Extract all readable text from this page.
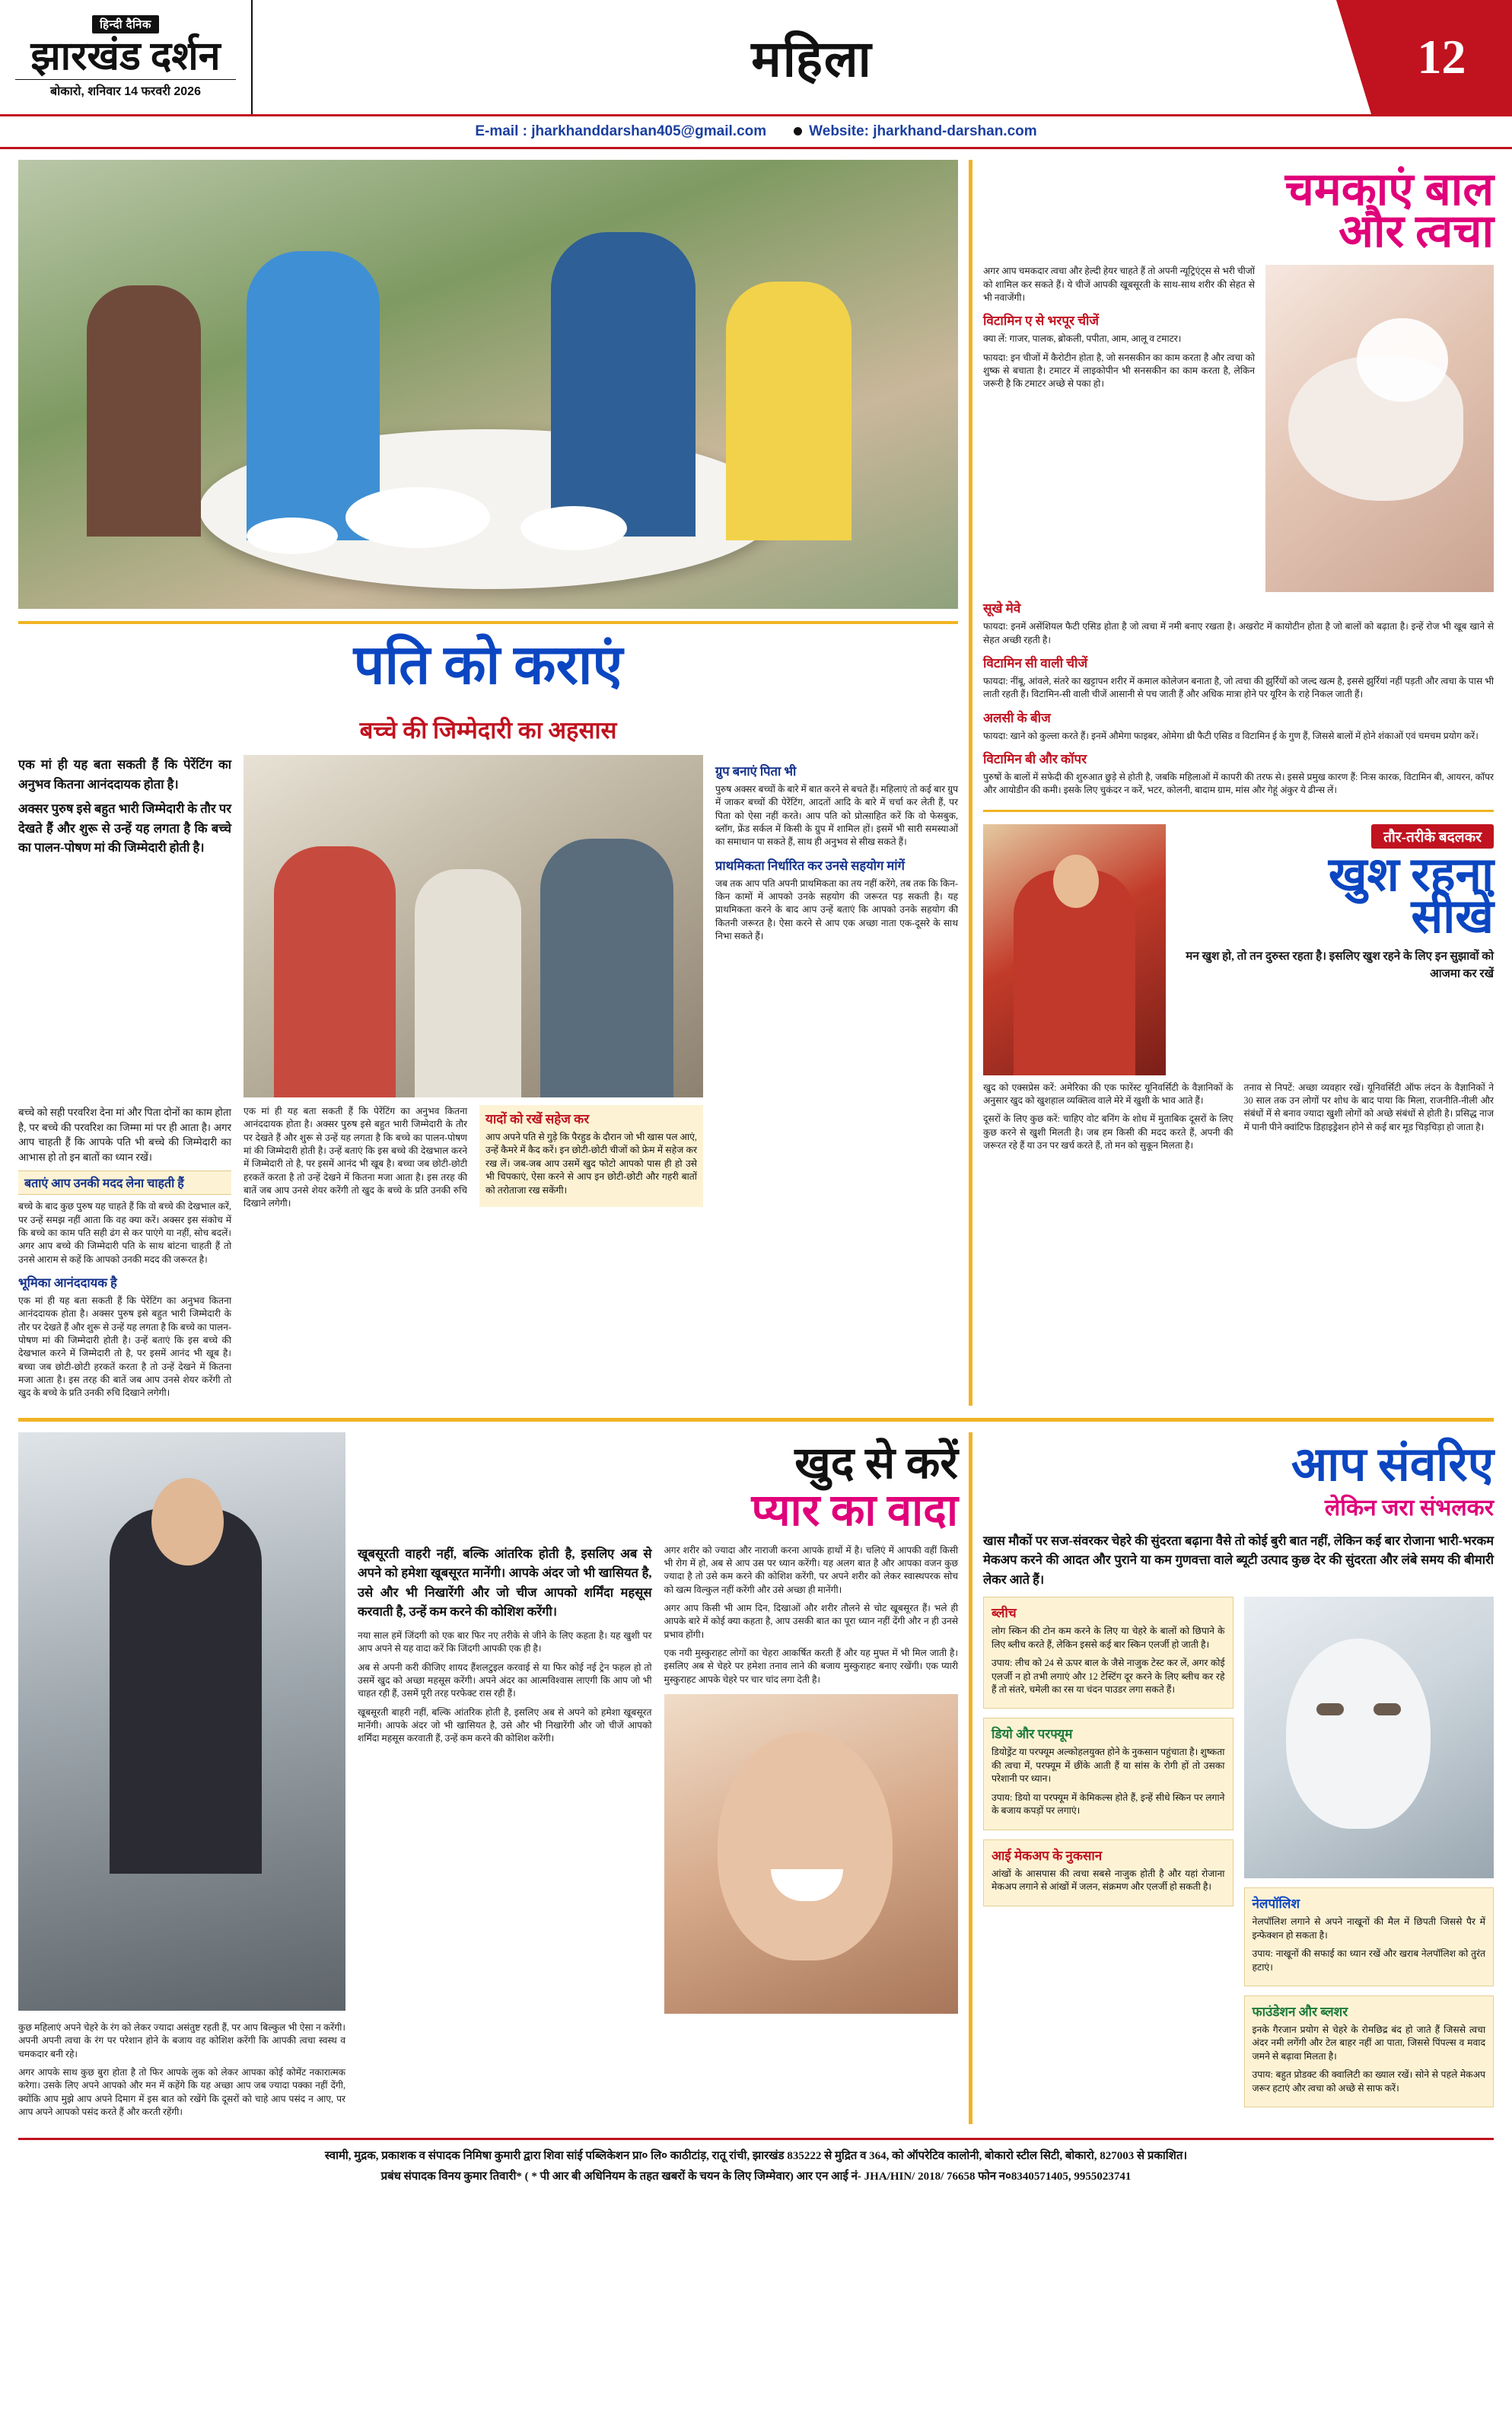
हिन्दी दैनिक
झारखंड दर्शन
बोकारो, शनिवार 14 फरवरी 2026
महिला	12
E-mail : jharkhanddarshan405@gmail.com	Website: jharkhand-darshan.com
पति को कराएं
बच्चे की जिम्मेदारी का अहसास

एक मां ही यह बता सकती हैं कि पेरेंटिंग का अनुभव कितना आनंददायक होता है।

अक्सर पुरुष इसे बहुत भारी जिम्मेदारी के तौर पर देखते हैं और शुरू से उन्हें यह लगता है कि बच्चे का पालन-पोषण मां की जिम्मेदारी होती है।

बच्चे को सही परवरिश देना मां और पिता दोनों का काम होता है, पर बच्चे की परवरिश का जिम्मा मां पर ही आता है। अगर आप चाहती हैं कि आपके पति भी बच्चे की जिम्मेदारी का आभास हो तो इन बातों का ध्यान रखें।

बताएं आप उनकी मदद लेना चाहती हैं

बच्चे के बाद कुछ पुरुष यह चाहते हैं कि वो बच्चे की देखभाल करें, पर उन्हें समझ नहीं आता कि वह क्या करें। अक्सर इस संकोच में कि बच्चे का काम पति सही ढंग से कर पाएंगे या नहीं, सोच बदलें। अगर आप बच्चे की जिम्मेदारी पति के साथ बांटना चाहती हैं तो उनसे आराम से कहें कि आपको उनकी मदद की जरूरत है।

भूमिका आनंददायक है

एक मां ही यह बता सकती हैं कि पेरेंटिंग का अनुभव कितना आनंददायक होता है। अक्सर पुरुष इसे बहुत भारी जिम्मेदारी के तौर पर देखते हैं और शुरू से उन्हें यह लगता है कि बच्चे का पालन-पोषण मां की जिम्मेदारी होती है। उन्हें बताएं कि इस बच्चे की देखभाल करने में जिम्मेदारी तो है, पर इसमें आनंद भी खूब है। बच्चा जब छोटी-छोटी हरकतें करता है तो उन्हें देखने में कितना मजा आता है। इस तरह की बातें जब आप उनसे शेयर करेंगी तो खुद के बच्चे के प्रति उनकी रुचि दिखाने लगेगी।

एक मां ही यह बता सकती हैं कि पेरेंटिंग का अनुभव कितना आनंददायक होता है। अक्सर पुरुष इसे बहुत भारी जिम्मेदारी के तौर पर देखते हैं और शुरू से उन्हें यह लगता है कि बच्चे का पालन-पोषण मां की जिम्मेदारी होती है। उन्हें बताएं कि इस बच्चे की देखभाल करने में जिम्मेदारी तो है, पर इसमें आनंद भी खूब है। बच्चा जब छोटी-छोटी हरकतें करता है तो उन्हें देखने में कितना मजा आता है। इस तरह की बातें जब आप उनसे शेयर करेंगी तो खुद के बच्चे के प्रति उनकी रुचि दिखाने लगेगी।

यादों को रखें सहेज कर

आप अपने पति से गुड़े कि पैरहुड के दौरान जो भी खास पल आएं, उन्हें कैमरे में कैद करें। इन छोटी-छोटी चीजों को फ्रेम में सहेज कर रख लें। जब-जब आप उसमें खुद फोटो आपको पास ही हो उसे भी चिपकाएं, ऐसा करने से आप इन छोटी-छोटी और गहरी बातों को तरोताजा रख सकेंगी।

ग्रुप बनाएं पिता भी

पुरुष अक्सर बच्चों के बारे में बात करने से बचते हैं। महिलाएं तो कई बार ग्रुप में जाकर बच्चों की पेरेंटिंग, आदतों आदि के बारे में चर्चा कर लेती हैं, पर पिता को ऐसा नहीं करते। आप पति को प्रोत्साहित करें कि वो फेसबुक, ब्लॉग, फ्रेंड सर्कल में किसी के ग्रुप में शामिल हों। इसमें भी सारी समस्याओं का समाधान पा सकते हैं, साथ ही अनुभव से सीख सकते हैं।

प्राथमिकता निर्धारित कर उनसे सहयोग मांगें

जब तक आप पति अपनी प्राथमिकता का तय नहीं करेंगे, तब तक कि किन-किन कामों में आपको उनके सहयोग की जरूरत पड़ सकती है। यह प्राथमिकता करने के बाद आप उन्हें बताएं कि आपको उनके सहयोग की कितनी जरूरत है। ऐसा करने से आप एक अच्छा नाता एक-दूसरे के साथ निभा सकते हैं।

चमकाएं बाल
और त्वचा

अगर आप चमकदार त्वचा और हेल्दी हेयर चाहते हैं तो अपनी न्यूट्रिएंट्स से भरी चीजों को शामिल कर सकते हैं। ये चीजें आपकी खूबसूरती के साथ-साथ शरीर की सेहत से भी नवाजेंगी।

विटामिन ए से भरपूर चीजें

क्या लें: गाजर, पालक, ब्रोकली, पपीता, आम, आलू व टमाटर।

फायदा: इन चीजों में कैरोटीन होता है, जो सनसकीन का काम करता है और त्वचा को शुष्क से बचाता है। टमाटर में लाइकोपीन भी सनसकीन का काम करता है, लेकिन जरूरी है कि टमाटर अच्छे से पका हो।

सूखे मेवे

फायदा: इनमें असेंशियल फैटी एसिड होता है जो त्वचा में नमी बनाए रखता है। अखरोट में कायोटीन होता है जो बालों को बढ़ाता है। इन्हें रोज भी खूब खाने से सेहत अच्छी रहती है।

विटामिन सी वाली चीजें

फायदा: नींबू, आंवले, संतरे का खट्टापन शरीर में कमाल कोलेजन बनाता है, जो त्वचा की झुर्रियों को जल्द खत्म है, इससे झुर्रियां नहीं पड़ती और त्वचा के पास भी लाती रहती हैं। विटामिन-सी वाली चीजें आसानी से पच जाती हैं और अधिक मात्रा होने पर यूरिन के राहे निकल जाती हैं।

अलसी के बीज

फायदा: खाने को कुल्ला करते हैं। इनमें औमेगा फाइबर, ओमेगा थ्री फैटी एसिड व विटामिन ई के गुण हैं, जिससे बालों में होने शंकाओं एवं चमचम प्रयोग करें।

विटामिन बी और कॉपर

पुरुषों के बालों में सफेदी की शुरुआत छुड़े से होती है, जबकि महिलाओं में कापरी की तरफ से। इससे प्रमुख कारण हैं: निःस कारक, विटामिन बी, आयरन, कॉपर और आयोडीन की कमी। इसके लिए चुकंदर न करें, भटर, कोलनी, बादाम ग्राम, मांस और गेहूं अंकुर ये ढीन्स लें।

तौर-तरीके बदलकर
खुश रहना
सीखें

मन खुश हो, तो तन दुरुस्त रहता है। इसलिए खुश रहने के लिए इन सुझावों को आजमा कर रखें

खुद को एक्सप्रेस करें: अमेरिका की एक फारेंस्ट यूनिवर्सिटी के वैज्ञानिकों के अनुसार खुद को खुशहाल व्यक्तित्व वाले मेरे में खुशी के भाव आते हैं।

दूसरों के लिए कुछ करें: चाहिए वोट बनिंग के शोध में मुताबिक दूसरों के लिए कुछ करने से खुशी मिलती है। जब हम किसी की मदद करते हैं, अपनी की जरूरत रहे हैं या उन पर खर्च करते हैं, तो मन को सुकून मिलता है।

तनाव से निपटें: अच्छा व्यवहार रखें। यूनिवर्सिटी ऑफ लंदन के वैज्ञानिकों ने 30 साल तक उन लोगों पर शोध के बाद पाया कि मिला, राजनीति-नीली और संबंधों में से बनाव ज्यादा खुशी लोगों को अच्छे संबंधों से होती है। प्रसिद्ध नाज में पानी पीने क्वांटिफ डिहाइड्रेशन होने से कई बार मूड चिड़चिड़ा हो जाता है।

खुद से करें
प्यार का वादा

खूबसूरती वाहरी नहीं, बल्कि आंतरिक होती है, इसलिए अब से अपने को हमेशा खूबसूरत मानेंगी। आपके अंदर जो भी खासियत है, उसे और भी निखारेंगी और जो चीज आपको शर्मिंदा महसूस करवाती है, उन्हें कम करने की कोशिश करेंगी।

नया साल हमें जिंदगी को एक बार फिर नए तरीके से जीने के लिए कहता है। यह खुशी पर आप अपने से यह वादा करें कि जिंदगी आपकी एक ही है।

अब से अपनी करी कीजिए शायद हैंशलटुइल करवाई से या फिर कोई नई ट्रेन फहल हो तो उसमें खुद को अच्छा महसूस करेंगी। अपने अंदर का आत्मविश्वास लाएगी कि आप जो भी चाहत रही हैं, उसमें पूरी तरह परफेक्ट रास रही हैं।

खूबसूरती बाहरी नहीं, बल्कि आंतरिक होती है, इसलिए अब से अपने को हमेशा खूबसूरत मानेंगी। आपके अंदर जो भी खासियत है, उसे और भी निखारेंगी और जो चीजें आपको शर्मिंदा महसूस करवाती हैं, उन्हें कम करने की कोशिश करेंगी।

अगर शरीर को ज्यादा और नाराजी करना आपके हाथों में है। चलिएं में आपकी वहीं किसी भी रोग में हो, अब से आप उस पर ध्यान करेंगी। यह अलग बात है और आपका वजन कुछ ज्यादा है तो उसे कम करने की कोशिश करेंगी, पर अपने शरीर को लेकर स्वास्थपरक सोच को खत्म विल्कुल नहीं करेंगी और उसे अच्छा ही मानेंगी।

अगर आप किसी भी आम दिन, दिखाओं और शरीर तौलने से चोट खूबसूरत हैं। भले ही आपके बारे में कोई क्या कहता है, आप उसकी बात का पूरा ध्यान नहीं देंगी और न ही उनसे प्रभाव होंगी।

एक नयी मुस्कुराहट लोगों का चेहरा आकर्षित करती हैं और यह मुफ्त में भी मिल जाती है। इसलिए अब से चेहरे पर हमेशा तनाव लाने की बजाय मुस्कुराहट बनाए रखेंगी। एक प्यारी मुस्कुराहट आपके चेहरे पर चार चांद लगा देती है।

कुछ महिलाएं अपने चेहरे के रंग को लेकर ज्यादा असंतुष्ट रहती हैं, पर आप बिल्कुल भी ऐसा न करेंगी। अपनी अपनी त्वचा के रंग पर परेशान होने के बजाय वह कोशिश करेंगी कि आपकी त्वचा स्वस्थ व चमकदार बनी रहे।

अगर आपके साथ कुछ बुरा होता है तो फिर आपके लुक को लेकर आपका कोई कोमेंट नकारात्मक करेगा। उसके लिए अपने आपको और मन में कहेंगे कि यह अच्छा आप जब ज्यादा पक्का नहीं देंगी, क्योंकि आप मुझे आप अपने दिमाग में इस बात को रखेंगे कि दूसरों को चाहे आप पसंद न आए, पर आप अपने आपको पसंद करते हैं और करती रहेंगी।

आप संवरिए
लेकिन जरा संभलकर

खास मौकों पर सज-संवरकर चेहरे की सुंदरता बढ़ाना वैसे तो कोई बुरी बात नहीं, लेकिन कई बार रोजाना भारी-भरकम मेकअप करने की आदत और पुराने या कम गुणवत्ता वाले ब्यूटी उत्पाद कुछ देर की सुंदरता और लंबे समय की बीमारी लेकर आते हैं।

ब्लीच

लोग स्किन की टोन कम करने के लिए या चेहरे के बालों को छिपाने के लिए ब्लीच करते हैं, लेकिन इससे कई बार स्किन एलर्जी हो जाती है।

उपाय: लीच को 24 से ऊपर बाल के जैसे नाजुक टेस्ट कर लें, अगर कोई एलर्जी न हो तभी लगाएं और 12 टेस्टिंग दूर करने के लिए ब्लीच कर रहे हैं तो संतरे, चमेली का रस या चंदन पाउडर लगा सकते हैं।

डियो और परफ्यूम

डियोड्रेंट या परफ्यूम अल्कोहलयुक्त होने के नुकसान पहुंचाता है। शुष्कता की त्वचा में, परफ्यूम में छींके आती हैं या सांस के रोगी हों तो उसका परेशानी पर ध्यान।

उपाय: डियो या परफ्यूम में केमिकल्स होते हैं, इन्हें सीधे स्किन पर लगाने के बजाय कपड़ों पर लगाएं।

आई मेकअप के नुकसान

आंखों के आसपास की त्वचा सबसे नाजुक होती है और यहां रोजाना मेकअप लगाने से आंखों में जलन, संक्रमण और एलर्जी हो सकती है।

नेलपॉलिश

नेलपॉलिश लगाने से अपने नाखूनों की मैल में छिपती जिससे पैर में इन्फेक्शन हो सकता है।

उपाय: नाखूनों की सफाई का ध्यान रखें और खराब नेलपॉलिश को तुरंत हटाएं।

फाउंडेशन और ब्लशर

इनके गैरजान प्रयोग से चेहरे के रोमछिद्र बंद हो जाते हैं जिससे त्वचा अंदर नमी लगेंगी और टेल बाहर नहीं आ पाता, जिससे पिंपल्स व मवाद जमने से बढ़ावा मिलता है।

उपाय: बहुत प्रोडक्ट की क्वालिटी का ख्याल रखें। सोने से पहले मेकअप जरूर हटाएं और त्वचा को अच्छे से साफ करें।

स्वामी, मुद्रक, प्रकाशक व संपादक निमिषा कुमारी द्वारा शिवा सांई पब्लिकेशन प्रा० लि० काठीटांड़, रातू रांची, झारखंड 835222 से मुद्रित व 364, को ऑपरेटिव कालोनी, बोकारो स्टील सिटी, बोकारो, 827003 से प्रकाशित।

प्रबंध संपादक विनय कुमार तिवारी* ( * पी आर बी अधिनियम के तहत खबरों के चयन के लिए जिम्मेवार) आर एन आई नं- JHA/HIN/ 2018/ 76658 फोन न०8340571405, 9955023741
